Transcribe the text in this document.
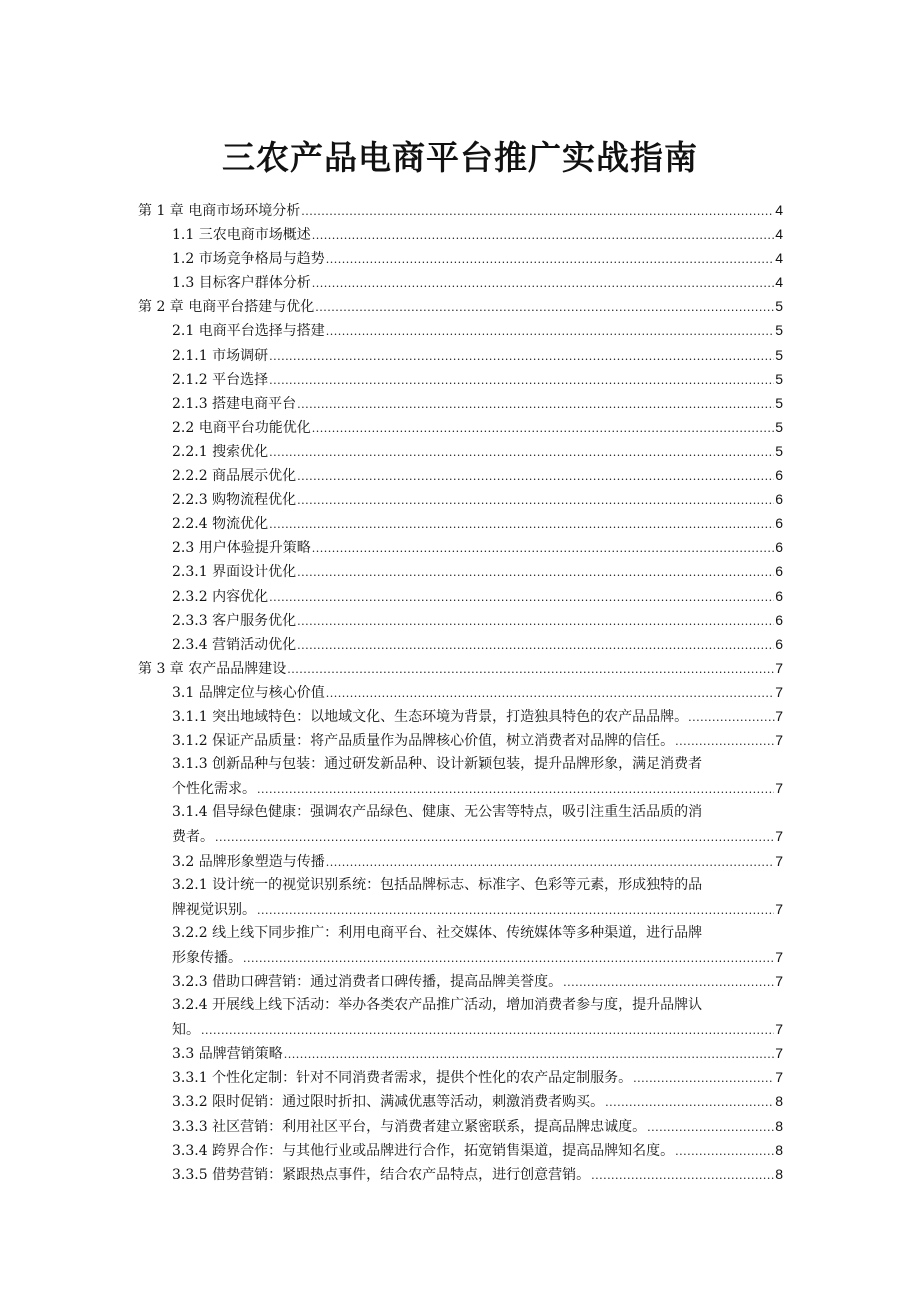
三农产品电商平台推广实战指南
第 1 章 电商市场环境分析 .....	4
1.1 三农电商市场概述 .....	4
1.2 市场竞争格局与趋势 .....	4
1.3 目标客户群体分析 .....	4
第 2 章 电商平台搭建与优化 .....	5
2.1 电商平台选择与搭建 .....	5
2.1.1 市场调研 .....	5
2.1.2 平台选择 .....	5
2.1.3 搭建电商平台 .....	5
2.2 电商平台功能优化 .....	5
2.2.1 搜索优化 .....	5
2.2.2 商品展示优化 .....	6
2.2.3 购物流程优化 .....	6
2.2.4 物流优化 .....	6
2.3 用户体验提升策略 .....	6
2.3.1 界面设计优化 .....	6
2.3.2 内容优化 .....	6
2.3.3 客户服务优化 .....	6
2.3.4 营销活动优化 .....	6
第 3 章 农产品品牌建设 .....	7
3.1 品牌定位与核心价值 .....	7
3.1.1 突出地域特色：以地域文化、生态环境为背景，打造独具特色的农产品品牌。 .....	7
3.1.2 保证产品质量：将产品质量作为品牌核心价值，树立消费者对品牌的信任。 .....	7
3.1.3 创新品种与包装：通过研发新品种、设计新颖包装，提升品牌形象，满足消费者
个性化需求。 .....	7
3.1.4 倡导绿色健康：强调农产品绿色、健康、无公害等特点，吸引注重生活品质的消
费者。 .....	7
3.2 品牌形象塑造与传播 .....	7
3.2.1 设计统一的视觉识别系统：包括品牌标志、标准字、色彩等元素，形成独特的品
牌视觉识别。 .....	7
3.2.2 线上线下同步推广：利用电商平台、社交媒体、传统媒体等多种渠道，进行品牌
形象传播。 .....	7
3.2.3 借助口碑营销：通过消费者口碑传播，提高品牌美誉度。 .....	7
3.2.4 开展线上线下活动：举办各类农产品推广活动，增加消费者参与度，提升品牌认
知。 .....	7
3.3 品牌营销策略 .....	7
3.3.1 个性化定制：针对不同消费者需求，提供个性化的农产品定制服务。 .....	7
3.3.2 限时促销：通过限时折扣、满减优惠等活动，刺激消费者购买。 .....	8
3.3.3 社区营销：利用社区平台，与消费者建立紧密联系，提高品牌忠诚度。 .....	8
3.3.4 跨界合作：与其他行业或品牌进行合作，拓宽销售渠道，提高品牌知名度。 .....	8
3.3.5 借势营销：紧跟热点事件，结合农产品特点，进行创意营销。 .....	8
